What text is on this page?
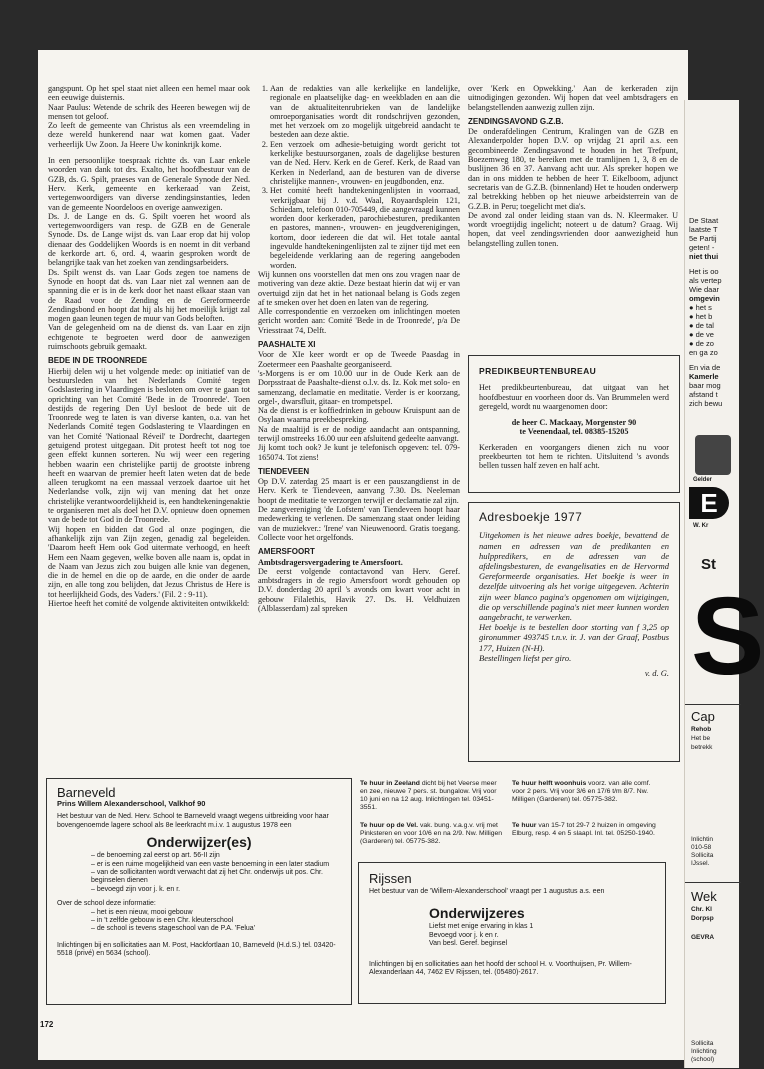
gangspunt. Op het spel staat niet alleen een hemel maar ook een eeuwige duisternis.

Naar Paulus: Wetende de schrik des Heeren bewegen wij de mensen tot geloof.

Zo leeft de gemeente van Christus als een vreemdeling in deze wereld hunkerend naar wat komen gaat. Vader verheerlijk Uw Zoon. Ja Heere Uw koninkrijk kome.

In een persoonlijke toespraak richtte ds. van Laar enkele woorden van dank tot drs. Exalto, het hoofdbestuur van de GZB, ds. G. Spilt, praeses van de Generale Synode der Ned. Herv. Kerk, gemeente en kerkeraad van Zeist, vertegenwoordigers van diverse zendingsinstanties, leden van de gemeente Noordeloos en overige aanwezigen.

Ds. J. de Lange en ds. G. Spilt voeren het woord als vertegenwoordigers van resp. de GZB en de Generale Synode. Ds. de Lange wijst ds. van Laar erop dat hij volop dienaar des Goddelijken Woords is en noemt in dit verband de kerkorde art. 6, ord. 4, waarin gesproken wordt de belangrijke taak van het zoeken van zendingsarbeiders.

Ds. Spilt wenst ds. van Laar Gods zegen toe namens de Synode en hoopt dat ds. van Laar niet zal wennen aan de spanning die er is in de kerk door het naast elkaar staan van de Raad voor de Zending en de Gereformeerde Zendingsbond en hoopt dat hij als hij het moeilijk krijgt zal mogen gaan leunen tegen de muur van Gods beloften.

Van de gelegenheid om na de dienst ds. van Laar en zijn echtgenote te begroeten werd door de aanwezigen ruimschoots gebruik gemaakt.

BEDE IN DE TROONREDE

Hierbij delen wij u het volgende mede: op initiatief van de bestuursleden van het Nederlands Comité tegen Godslastering in Vlaardingen is besloten om over te gaan tot oprichting van het Comité 'Bede in de Troonrede'. Toen destijds de regering Den Uyl besloot de bede uit de Troonrede weg te laten is van diverse kanten, o.a. van het Nederlands Comité tegen Godslastering te Vlaardingen en van het Comité 'Nationaal Réveil' te Dordrecht, daartegen getuigend protest uitgegaan. Dit protest heeft tot nog toe geen effekt kunnen sorteren. Nu wij weer een regering hebben waarin een christelijke partij de grootste inbreng heeft en waarvan de premier heeft laten weten dat de bede alleen terugkomt na een massaal verzoek daartoe uit het Nederlandse volk, zijn wij van mening dat het onze christelijke verantwoordelijkheid is, een handtekeningenaktie te organiseren met als doel het D.V. opnieuw doen opnemen van de bede tot God in de Troonrede.

Wij hopen en bidden dat God al onze pogingen, die afhankelijk zijn van Zijn zegen, genadig zal begeleiden. 'Daarom heeft Hem ook God uitermate verhoogd, en heeft Hem een Naam gegeven, welke boven alle naam is, opdat in de Naam van Jezus zich zou buigen alle knie van degenen, die in de hemel en die op de aarde, en die onder de aarde zijn, en alle tong zou belijden, dat Jezus Christus de Here is tot heerlijkheid Gods, des Vaders.' (Fil. 2 : 9-11).

Hiertoe heeft het comité de volgende aktiviteiten ontwikkeld:

1. Aan de redakties van alle kerkelijke en landelijke, regionale en plaatselijke dag- en weekbladen en aan die van de aktualiteitenrubrieken van de landelijke omroeporganisaties wordt dit rondschrijven gezonden, met het verzoek om zo mogelijk uitgebreid aandacht te besteden aan deze aktie.
2. Een verzoek om adhesie-betuiging wordt gericht tot kerkelijke bestuursorganen, zoals de dagelijkse besturen van de Ned. Herv. Kerk en de Geref. Kerk, de Raad van Kerken in Nederland, aan de besturen van de diverse christelijke mannen-, vrouwen- en jeugdbonden, enz.
3. Het comité heeft handtekeningenlijsten in voorraad, verkrijgbaar bij J. v.d. Waal, Royaardsplein 121, Schiedam, telefoon 010-705449, die aangevraagd kunnen worden door kerkeraden, parochiebesturen, predikanten en pastores, mannen-, vrouwen- en jeugdverenigingen, kortom, door iedereen die dat wil. Het totale aantal ingevulde handtekeningenlijsten zal te zijner tijd met een begeleidende verklaring aan de regering aangeboden worden.

Wij kunnen ons voorstellen dat men ons zou vragen naar de motivering van deze aktie. Deze bestaat hierin dat wij er van overtuigd zijn dat het in het nationaal belang is Gods zegen af te smeken over het doen en laten van de regering.

Alle correspondentie en verzoeken om inlichtingen moeten gericht worden aan: Comité 'Bede in de Troonrede', p/a De Vriesstraat 74, Delft.

PAASHALTE XI

Voor de XIe keer wordt er op de Tweede Paasdag in Zoetermeer een Paashalte georganiseerd.

's-Morgens is er om 10.00 uur in de Oude Kerk aan de Dorpsstraat de Paashalte-dienst o.l.v. ds. Iz. Kok met solo- en samenzang, declamatie en meditatie. Verder is er koorzang, orgel-, dwarsfluit, gitaar- en trompetspel.

Na de dienst is er koffiedrinken in gebouw Kruispunt aan de Osylaan waarna preekbespreking.

Na de maaltijd is er de nodige aandacht aan ontspanning, terwijl omstreeks 16.00 uur een afsluitend gedeelte aanvangt.

Jij komt toch ook? Je kunt je telefonisch opgeven: tel. 079-165074. Tot ziens!

TIENDEVEEN

Op D.V. zaterdag 25 maart is er een pauszangdienst in de Herv. Kerk te Tiendeveen, aanvang 7.30. Ds. Neeleman hoopt de meditatie te verzorgen terwijl er declamatie zal zijn.

De zangvereniging 'de Lofstem' van Tiendeveen hoopt haar medewerking te verlenen. De samenzang staat onder leiding van de muziekver.: 'Irene' van Nieuwenoord. Gratis toegang. Collecte voor het orgelfonds.

AMERSFOORT
Ambtsdragersvergadering te Amersfoort.

De eerst volgende contactavond van Herv. Geref. ambtsdragers in de regio Amersfoort wordt gehouden op D.V. donderdag 20 april 's avonds om kwart voor acht in gebouw Filalethis, Havik 27. Ds. H. Veldhuizen (Alblasserdam) zal spreken

over 'Kerk en Opwekking.' Aan de kerkeraden zijn uitnodigingen gezonden. Wij hopen dat veel ambtsdragers en belangstellenden aanwezig zullen zijn.

ZENDINGSAVOND G.Z.B.

De onderafdelingen Centrum, Kralingen van de GZB en Alexanderpolder hopen D.V. op vrijdag 21 april a.s. een gecombineerde Zendingsavond te houden in het Trefpunt, Boezemweg 180, te bereiken met de tramlijnen 1, 3, 8 en de buslijnen 36 en 37. Aanvang acht uur. Als spreker hopen we dan in ons midden te hebben de heer T. Eikelboom, adjunct secretaris van de G.Z.B. (binnenland) Het te houden onderwerp zal betrekking hebben op het nieuwe arbeidsterrein van de G.Z.B. in Peru; toegelicht met dia's.

De avond zal onder leiding staan van ds. N. Kleermaker. U wordt vroegtijdig ingelicht; noteert u de datum? Graag. Wij hopen, dat veel zendingsvrienden door aanwezigheid hun belangstelling zullen tonen.

PREDIKBEURTENBUREAU

Het predikbeurtenbureau, dat uitgaat van het hoofdbestuur en voorheen door ds. Van Brummelen werd geregeld, wordt nu waargenomen door:

de heer C. Mackaay, Morgenster 90
te Veenendaal, tel. 08385-15205

Kerkeraden en voorgangers dienen zich nu voor preekbeurten tot hem te richten. Uitsluitend 's avonds bellen tussen half zeven en half acht.

Adresboekje 1977

Uitgekomen is het nieuwe adres boekje, bevattend de namen en adressen van de predikanten en hulppredikers, en de adressen van de afdelingsbesturen, de evangelisaties en de Hervormd Gereformeerde organisaties. Het boekje is weer in dezelfde uitvoering als het vorige uitgegeven. Achterin zijn weer blanco pagina's opgenomen om wijzigingen, die op verschillende pagina's niet meer kunnen worden aangebracht, te verwerken.

Het boekje is te bestellen door storting van f 3,25 op gironummer 493745 t.n.v. ir. J. van der Graaf, Postbus 177, Huizen (N-H).

Bestellingen liefst per giro.

v. d. G.

Barneveld
Prins Willem Alexanderschool, Valkhof 90
Het bestuur van de Ned. Herv. School te Barneveld vraagt wegens uitbreiding voor haar bovengenoemde lagere school als 8e leerkracht m.i.v. 1 augustus 1978 een
Onderwijzer(es)
– de benoeming zal eerst op art. 56-II zijn
– er is een ruime mogelijkheid van een vaste benoeming in een later stadium
– van de sollicitanten wordt verwacht dat zij het Chr. onderwijs uit pos. Chr. beginselen dienen
– bevoegd zijn voor j. k. en r.
Over de school deze informatie:
– het is een nieuw, mooi gebouw
– in 't zelfde gebouw is een Chr. kleuterschool
– de school is tevens stageschool van de P.A. 'Felua'
Inlichtingen bij en sollicitaties aan M. Post, Hackfortlaan 10, Barneveld (H.d.S.) tel. 03420-5518 (privé) en 5634 (school).
Te huur in Zeeland dicht bij het Veerse meer en zee, nieuwe 7 pers. st. bungalow. Vrij voor 10 juni en na 12 aug. Inlichtingen tel. 03451-3551.
Te huur op de Vel. vak. bung. v.a.g.v. vrij met Pinksteren en voor 10/6 en na 2/9. Nw. Milligen (Garderen) tel. 05775-382.
Te huur helft woonhuis voorz. van alle comf. voor 2 pers. Vrij voor 3/6 en 17/6 t/m 8/7. Nw. Milligen (Garderen) tel. 05775-382.
Te huur van 15-7 tot 29-7 2 huizen in omgeving Elburg, resp. 4 en 5 slaapl. Inl. tel. 05250-1940.
Rijssen
Het bestuur van de 'Willem-Alexanderschool' vraagt per 1 augustus a.s. een
Onderwijzeres
Liefst met enige ervaring in klas 1
Bevoegd voor j. k en r.
Van besl. Geref. beginsel
Inlichtingen bij en sollicitaties aan het hoofd der school H. v. Voorthuijsen, Pr. Willem-Alexanderlaan 44, 7462 EV Rijssen, tel. (05480)-2617.
172

De Staat

laatste T

5e Partij

geten! -

niet thui

Het is oo

als vertep

Wie daar

omgevin

● het s

● het b

● de tal

● de ve

● de zo

en ga zo

En via de

Kamerle

baar mog

afstand t

zich bewu

Gelder
E
W. Kr
St
S

Cap

Rehob

Het be

betrekk

Inlichtin

010-58

Sollicita

IJssel.

Wek

Chr. Kl

Dorpsp

GEVRA

Sollicita

Inlichting

(school)
